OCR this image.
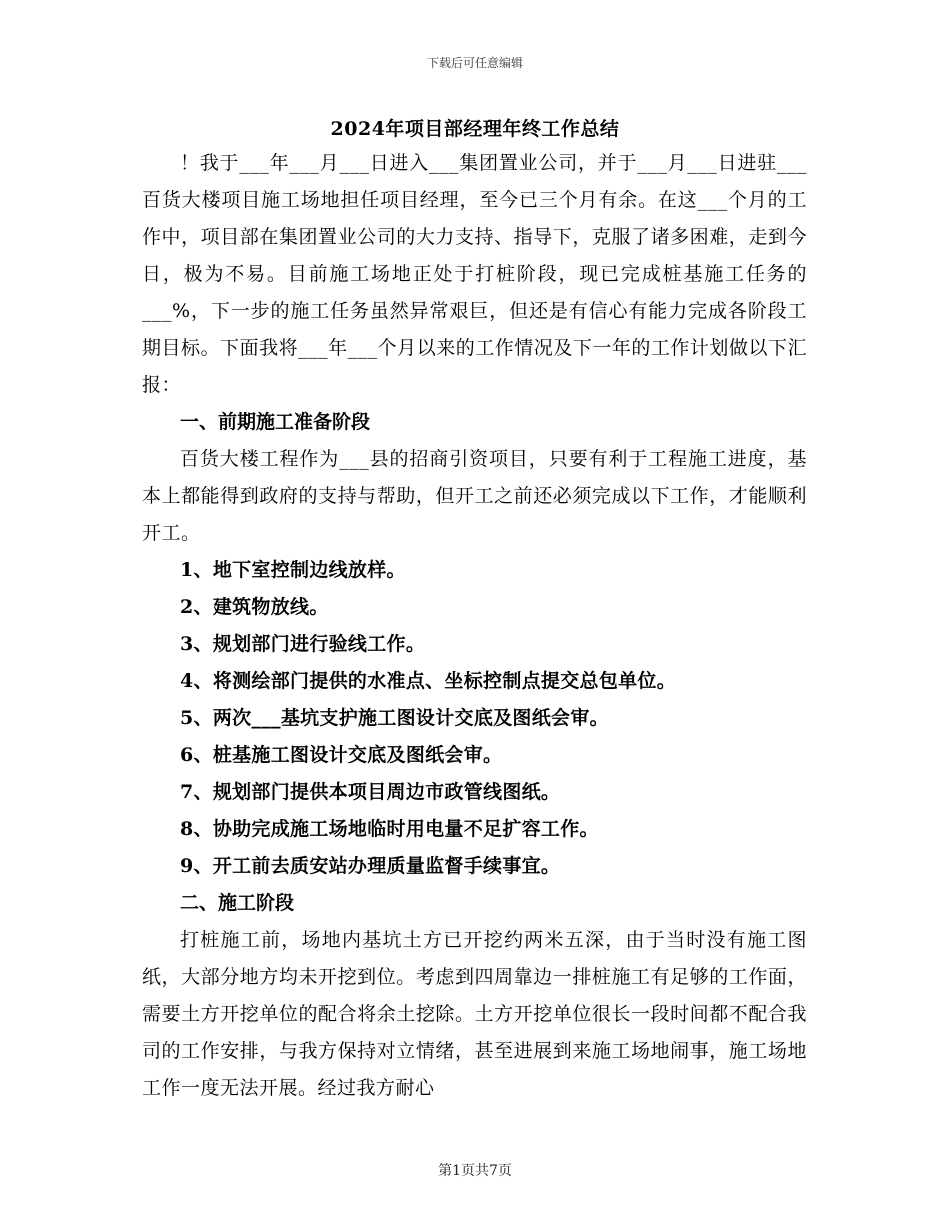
下载后可任意编辑
2024年项目部经理年终工作总结

！我于___年___月___日进入___集团置业公司，并于___月___日进驻___百货大楼项目施工场地担任项目经理，至今已三个月有余。在这___个月的工作中，项目部在集团置业公司的大力支持、指导下，克服了诸多困难，走到今日，极为不易。目前施工场地正处于打桩阶段，现已完成桩基施工任务的___%，下一步的施工任务虽然异常艰巨，但还是有信心有能力完成各阶段工期目标。下面我将___年___个月以来的工作情况及下一年的工作计划做以下汇报：

一、前期施工准备阶段

百货大楼工程作为___县的招商引资项目，只要有利于工程施工进度，基本上都能得到政府的支持与帮助，但开工之前还必须完成以下工作，才能顺利开工。

1、地下室控制边线放样。

2、建筑物放线。

3、规划部门进行验线工作。

4、将测绘部门提供的水准点、坐标控制点提交总包单位。

5、两次___基坑支护施工图设计交底及图纸会审。

6、桩基施工图设计交底及图纸会审。

7、规划部门提供本项目周边市政管线图纸。

8、协助完成施工场地临时用电量不足扩容工作。

9、开工前去质安站办理质量监督手续事宜。

二、施工阶段

打桩施工前，场地内基坑土方已开挖约两米五深，由于当时没有施工图纸，大部分地方均未开挖到位。考虑到四周靠边一排桩施工有足够的工作面，需要土方开挖单位的配合将余土挖除。土方开挖单位很长一段时间都不配合我司的工作安排，与我方保持对立情绪，甚至进展到来施工场地闹事，施工场地工作一度无法开展。经过我方耐心

第1页共7页
